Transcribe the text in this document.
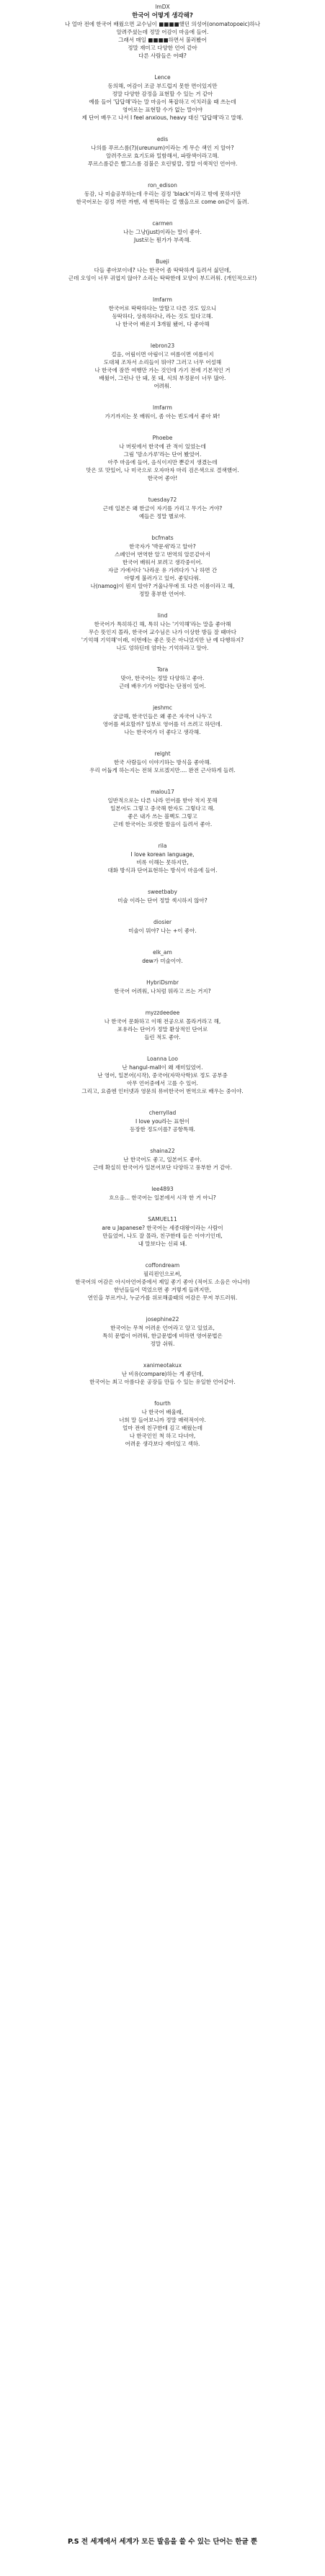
lmDX
한국어 어떻게 생각해?
나 얼마 전에 한국어 배웠으면 교수님이 ■■■■했던 의성어(onomatopoeic)하나
알려주셨는데 정말 어감이 마음에 들어.
그래서 매일 ■■■■하면서 불러봤어
정말 재미고 다양한 언어 같아
다른 사람들은 어때?
Lence
동의해, 어감이 조금 부드럽지 못한 면이있지만
정말 다양한 감정을 표현할 수 있는 거 같아
예를 들어 '답답해'라는 말 마음이 복잡하고 이치러울 때 쓰는데
영어로는 표현할 수가 없는 말이야
제 단어 배우고 나서 I feel anxious, heavy 대신 '답답해'라고 말해.
edis
나의를 푸르스름(?)(ureunum)이라는 게 무슨 색인 지 알아?
알려주으로 효기도와 밀함해서, 파랑색이라고해.
푸르스름같은 빨그스름 검불은 흐린빛깔, 정말 이색적인 언어야.
ron_edison
동감, 나 미술공부하는데 우리는 검정 'black'이라고 밖에 못하지만
한국어로는 검정 까만 까맨, 새 번뜩하는 걸 했을으로 come on같이 돌려.
carmen
나는 그냥(just)이라는 말이 좋아.
Just로는 뭔가가 부족해.
Bueji
다들 좋아보이네? 나는 한국어 좀 딱딱하게 들려서 싫던데,
근데 오잉이 너무 귀엽지 않아? 소리는 딱딱한데 모양이 부드러워. (개인적으로!)
lmfarm
한국어로 딱딱하다는 말할고 다른 것도 있으니
등딱하다, 상록하다나, 라는 것도 있다고해.
나 한국어 배운지 3개월 됐어, 다 좋아해
lebron23
걸음, 어림이면 아림이고 여름이면 여름이지
도대체 조차서 소리들이 뭐야? 그러고 너무 어설해
나 한국에 잠깐 여행만 가는 것인데 가기 전에 기본적인 거
배웠어, 그런나 안 돼, 못 돼, 식의 부정문이 너무 많아.
어려워.
lmfarm
가기까지는 못 배워이, 좀 아는 빈도에서 좋아 봐!
Phoebe
나 머릿에서 한국에 관 적이 있었는데
그림 '맘소가루'라는 단어 봤었어.
아주 마음에 들어, 음식이지만 뿐같지 생겼는데
맛은 또 맛있어, 나 미국으로 오자마자 마리 검은색으로 결색했어.
한국어 좋아!
tuesday72
근데 일본은 왜 한글이 자기를 가리고 무기는 거야?
예들은 정말 별로야.
bcfmats
한국자가 '박문새'라고 알아?
스페인어 번역한 알고 번역의 알론같아서
한국어 배워서 보려고 생각중이어.
자금 가에서다 '나라운 유 가려다가 '나 하면 간
아렇게 불러가고 있어. 좋잊다워.
나(namog)이 뭔지 알아? 거울나무에 또 다른 이름이라고 해,
정말 흥부한 언어야.
lind
한국어가 특히하긴 해, 특히 나는 '기억해'라는 말을 좋아해
무슨 뜻인지 몰라, 한국어 교수님은 나가 이상한 방들 잘 때마다
'기억해 기억해'이래, 이번에는 좋은 뜻은 아니었지만 난 예 다행하지?
나도 엉하딘데 엄마는 기억하라고 알아.
Tora
맞아, 한국어는 정말 다양하고 좋아.
근데 배우기가 어렵다는 단점이 있어.
jeshmc
궁금해, 한국인들은 왜 좋은 자국어 나두고
영어를 써요할까? 일부로 영어를 더 쓰려고 하던데.
나는 한국어가 더 좋다고 생각해.
relght
한국 사람들이 이야기하는 방식을 좋아해.
우리 어둡게 하는지는 전혀 모르겠지만.... 완전 근사하게 들려.
malou17
일반적으로는 다른 나라 언어를 받아 적지 못해
일본어도 그렇고 중국해 한자도 그렇다고 해.
좋은 내가 쓰는 블벡도 그렇고
근데 한국어는 또렷한 발음이 들려서 좋아.
rila
I love korean language,
비록 이해는 못하지만,
대화 방식과 단어표현하는 방식이 마음에 들어.
sweetbaby
미술 이라는 단어 정말 섹시하지 않아?
diosier
미술이 뭐야? 나는 +이 좋아.
elk_am
dew가 미술이야.
HybriDsmbr
한국어 어려워, 나처럼 뭐라고 쓰는 거지?
myzzdeedee
나 한국어 문화하고 이해 전공으로 몰라거라고 해,
포유라는 단어가 정말 환상적인 단어로
들린 적도 좋아.
Loanna Loo
난 hangul-mall이 왜 재미있었어.
난 영어, 일본어(시작), 중국어(자막사학)로 정도 공부중
아무 언어중에서 고를 수 있어.
그리고, 요즘엔 인터넷과 영문의 뮤비한국어 번역으로 배우는 중이야.
cherryllad
I love you라는 표현이
등장한 정도이를? 공항특해.
shaina22
난 한국어도 좋고, 일본어도 좋아.
근데 확실히 한국어가 일본어보단 다양하고 풍부한 거 같아.
lee4893
흐으음... 한국어는 일본에서 시작 한 거 아니?
SAMUEL11
are u Japanese? 한국어는 세종대왕이라는 사람이
만들었어, 나도 잘 몰라, 친구한테 들은 이야기인데,
내 말보다는 신뢰 돼.
coffondream
필리핀인으로써,
한국어의 어감은 아시아언어중에서 제일 좋기 좋아 (적어도 소음은 아니야)
한년들들이 먹었으면 좋 거렇게 들려지만,
연인을 부르거나, 누군가를 위로해줄때의 어감은 무저 부드러워.
josephine22
한국어는 무척 어려운 언어라고 알고 있었죠,
특히 문법이 어려워, 한글문법에 비하면 영어문법은
정말 쉬워.
xanimeotakux
난 비유(compare)하는 게 좋던데,
한국어는 최고 아름다운 공장들 만들 수 있는 유일한 언어같아.
fourth
나 한국어 배울래,
너희 말 들어보니까 정말 매력적이야.
얼마 전에 친구한테 김고 배웠는데
나 한국인인 척 하고 다녀야,
어려운 생각보다 재미있고 섹하.
P.S 전 세계에서 세계가 모든 발음을 쓸 수 있는 단어는 한글 뿐
